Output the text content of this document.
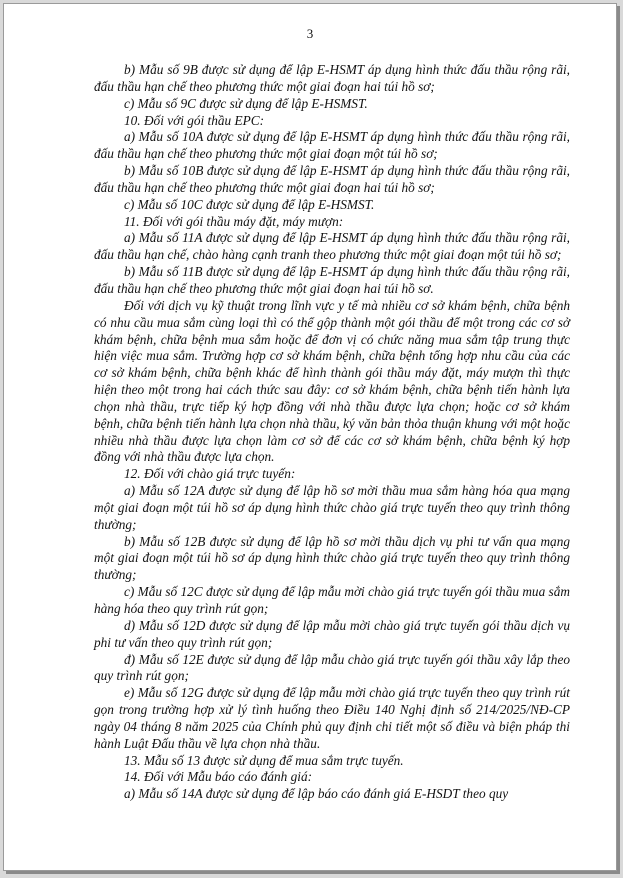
3

b) Mẫu số 9B được sử dụng để lập E-HSMT áp dụng hình thức đấu thầu rộng rãi, đấu thầu hạn chế theo phương thức một giai đoạn hai túi hồ sơ;

c) Mẫu số 9C được sử dụng để lập E-HSMST.

10. Đối với gói thầu EPC:

a) Mẫu số 10A được sử dụng để lập E-HSMT áp dụng hình thức đấu thầu rộng rãi, đấu thầu hạn chế theo phương thức một giai đoạn một túi hồ sơ;

b) Mẫu số 10B được sử dụng để lập E-HSMT áp dụng hình thức đấu thầu rộng rãi, đấu thầu hạn chế theo phương thức một giai đoạn hai túi hồ sơ;

c) Mẫu số 10C được sử dụng để lập E-HSMST.

11. Đối với gói thầu máy đặt, máy mượn:

a) Mẫu số 11A được sử dụng để lập E-HSMT áp dụng hình thức đấu thầu rộng rãi, đấu thầu hạn chế, chào hàng cạnh tranh theo phương thức một giai đoạn một túi hồ sơ;

b) Mẫu số 11B được sử dụng để lập E-HSMT áp dụng hình thức đấu thầu rộng rãi, đấu thầu hạn chế theo phương thức một giai đoạn hai túi hồ sơ.

Đối với dịch vụ kỹ thuật trong lĩnh vực y tế mà nhiều cơ sở khám bệnh, chữa bệnh có nhu cầu mua sắm cùng loại thì có thể gộp thành một gói thầu để một trong các cơ sở khám bệnh, chữa bệnh mua sắm hoặc để đơn vị có chức năng mua sắm tập trung thực hiện việc mua sắm. Trường hợp cơ sở khám bệnh, chữa bệnh tổng hợp nhu cầu của các cơ sở khám bệnh, chữa bệnh khác để hình thành gói thầu máy đặt, máy mượn thì thực hiện theo một trong hai cách thức sau đây: cơ sở khám bệnh, chữa bệnh tiến hành lựa chọn nhà thầu, trực tiếp ký hợp đồng với nhà thầu được lựa chọn; hoặc cơ sở khám bệnh, chữa bệnh tiến hành lựa chọn nhà thầu, ký văn bản thỏa thuận khung với một hoặc nhiều nhà thầu được lựa chọn làm cơ sở để các cơ sở khám bệnh, chữa bệnh ký hợp đồng với nhà thầu được lựa chọn.

12. Đối với chào giá trực tuyến:

a) Mẫu số 12A được sử dụng để lập hồ sơ mời thầu mua sắm hàng hóa qua mạng một giai đoạn một túi hồ sơ áp dụng hình thức chào giá trực tuyến theo quy trình thông thường;

b) Mẫu số 12B được sử dụng để lập hồ sơ mời thầu dịch vụ phi tư vấn qua mạng một giai đoạn một túi hồ sơ áp dụng hình thức chào giá trực tuyến theo quy trình thông thường;

c) Mẫu số 12C được sử dụng để lập mẫu mời chào giá trực tuyến gói thầu mua sắm hàng hóa theo quy trình rút gọn;

d) Mẫu số 12D được sử dụng để lập mẫu mời chào giá trực tuyến gói thầu dịch vụ phi tư vấn theo quy trình rút gọn;

đ) Mẫu số 12E được sử dụng để lập mẫu chào giá trực tuyến gói thầu xây lắp theo quy trình rút gọn;

e) Mẫu số 12G được sử dụng để lập mẫu mời chào giá trực tuyến theo quy trình rút gọn trong trường hợp xử lý tình huống theo Điều 140 Nghị định số 214/2025/NĐ-CP ngày 04 tháng 8 năm 2025 của Chính phủ quy định chi tiết một số điều và biện pháp thi hành Luật Đấu thầu về lựa chọn nhà thầu.

13. Mẫu số 13 được sử dụng để mua sắm trực tuyến.

14. Đối với Mẫu báo cáo đánh giá:

a) Mẫu số 14A được sử dụng để lập báo cáo đánh giá E-HSDT theo quy
